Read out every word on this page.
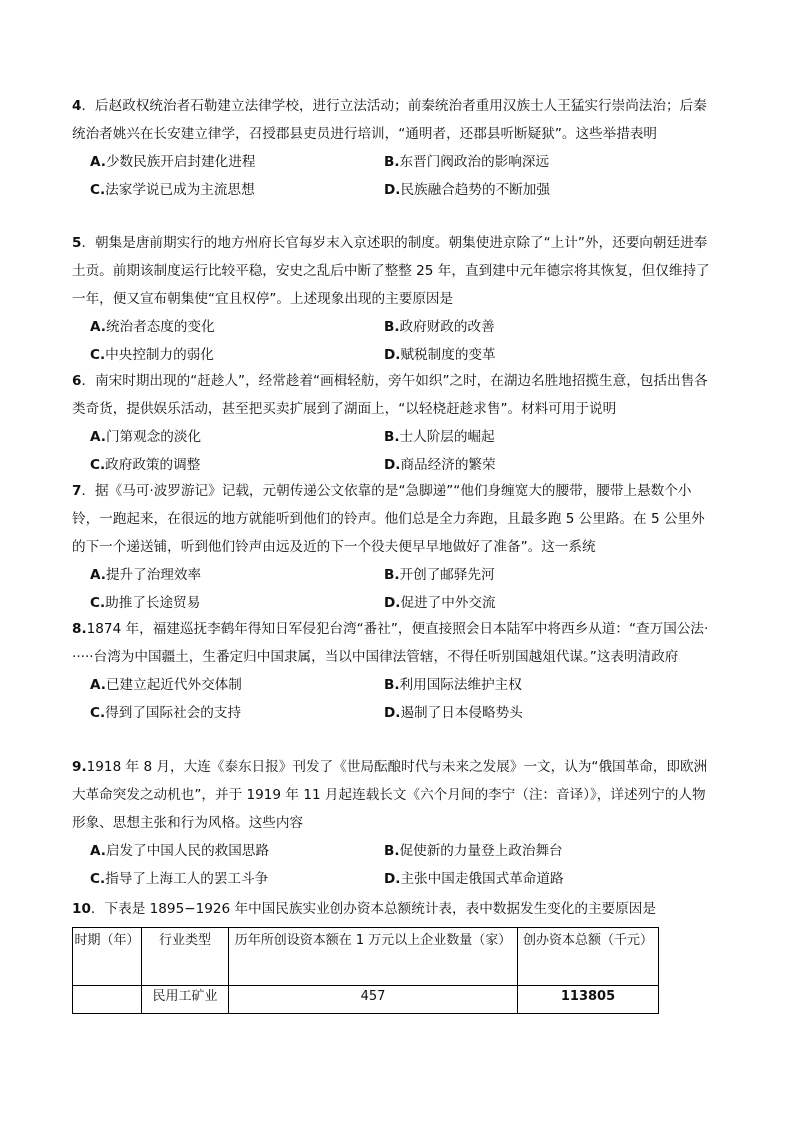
4．后赵政权统治者石勒建立法律学校，进行立法活动；前秦统治者重用汉族士人王猛实行崇尚法治；后秦统治者姚兴在长安建立律学，召授郡县吏员进行培训，“通明者，还郡县听断疑狱”。这些举措表明

A.少数民族开启封建化进程	B.东晋门阀政治的影响深远
C.法家学说已成为主流思想	D.民族融合趋势的不断加强

5．朝集是唐前期实行的地方州府长官每岁末入京述职的制度。朝集使进京除了“上计”外，还要向朝廷进奉土贡。前期该制度运行比较平稳，安史之乱后中断了整整 25 年，直到建中元年德宗将其恢复，但仅维持了一年，便又宣布朝集使“宜且权停”。上述现象出现的主要原因是

A.统治者态度的变化	B.政府财政的改善
C.中央控制力的弱化	D.赋税制度的变革

6．南宋时期出现的“赶趁人”，经常趁着“画楫轻舫，旁午如织”之时，在湖边名胜地招揽生意，包括出售各类奇货，提供娱乐活动，甚至把买卖扩展到了湖面上，“以轻桡赶趁求售”。材料可用于说明

A.门第观念的淡化	B.士人阶层的崛起
C.政府政策的调整	D.商品经济的繁荣

7．据《马可·波罗游记》记载，元朝传递公文依靠的是“急脚递”“他们身缠宽大的腰带，腰带上悬数个小铃，一跑起来，在很远的地方就能听到他们的铃声。他们总是全力奔跑，且最多跑 5 公里路。在 5 公里外的下一个递送铺，听到他们铃声由远及近的下一个役夫便早早地做好了准备”。这一系统

A.提升了治理效率	B.开创了邮驿先河
C.助推了长途贸易	D.促进了中外交流

8.1874 年，福建巡抚李鹤年得知日军侵犯台湾“番社”，便直接照会日本陆军中将西乡从道：“查万国公法······台湾为中国疆土，生番定归中国隶属，当以中国律法管辖，不得任听别国越俎代谋。”这表明清政府

A.已建立起近代外交体制	B.利用国际法维护主权
C.得到了国际社会的支持	D.遏制了日本侵略势头

9.1918 年 8 月，大连《泰东日报》刊发了《世局酝酿时代与未来之发展》一文，认为“俄国革命，即欧洲大革命突发之动机也”，并于 1919 年 11 月起连载长文《六个月间的李宁（注：音译）》，详述列宁的人物形象、思想主张和行为风格。这些内容

A.启发了中国人民的救国思路	B.促使新的力量登上政治舞台
C.指导了上海工人的罢工斗争	D.主张中国走俄国式革命道路

10．下表是 1895−1926 年中国民族实业创办资本总额统计表，表中数据发生变化的主要原因是

时期（年）	行业类型	历年所创设资本额在 1 万元以上企业数量（家）	创办资本总额（千元）
	民用工矿业	457	113805
